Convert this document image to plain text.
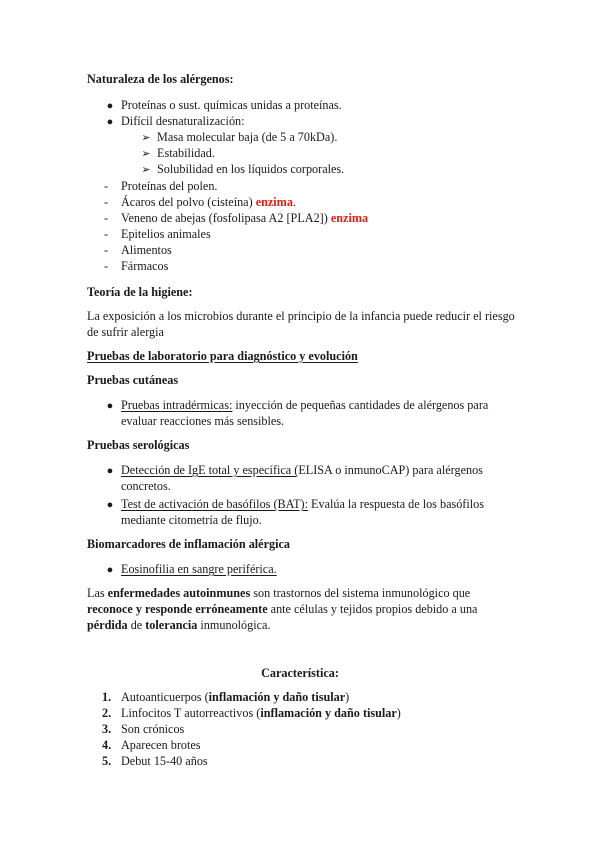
Naturaleza de los alérgenos:
● Proteínas o sust. químicas unidas a proteínas.
● Difícil desnaturalización:
➢ Masa molecular baja (de 5 a 70kDa).
➢ Estabilidad.
➢ Solubilidad en los líquidos corporales.
- Proteínas del polen.
- Ácaros del polvo (cisteína) enzima.
- Veneno de abejas (fosfolipasa A2 [PLA2]) enzima
- Epitelios animales
- Alimentos
- Fármacos
Teoría de la higiene:
La exposición a los microbios durante el principio de la infancia puede reducir el riesgo
de sufrir alergia
Pruebas de laboratorio para diagnóstico y evolución
Pruebas cutáneas
● Pruebas intradérmicas: inyección de pequeñas cantidades de alérgenos para
evaluar reacciones más sensibles.
Pruebas serológicas
● Detección de IgE total y específica (ELISA o inmunoCAP) para alérgenos
concretos.
● Test de activación de basófilos (BAT): Evalúa la respuesta de los basófilos
mediante citometría de flujo.
Biomarcadores de inflamación alérgica
● Eosinofilia en sangre periférica.
Las enfermedades autoinmunes son trastornos del sistema inmunológico que
reconoce y responde erróneamente ante células y tejidos propios debido a una
pérdida de tolerancia inmunológica.
Característica:
1. Autoanticuerpos (inflamación y daño tisular)
2. Linfocitos T autorreactivos (inflamación y daño tisular)
3. Son crónicos
4. Aparecen brotes
5. Debut 15-40 años
